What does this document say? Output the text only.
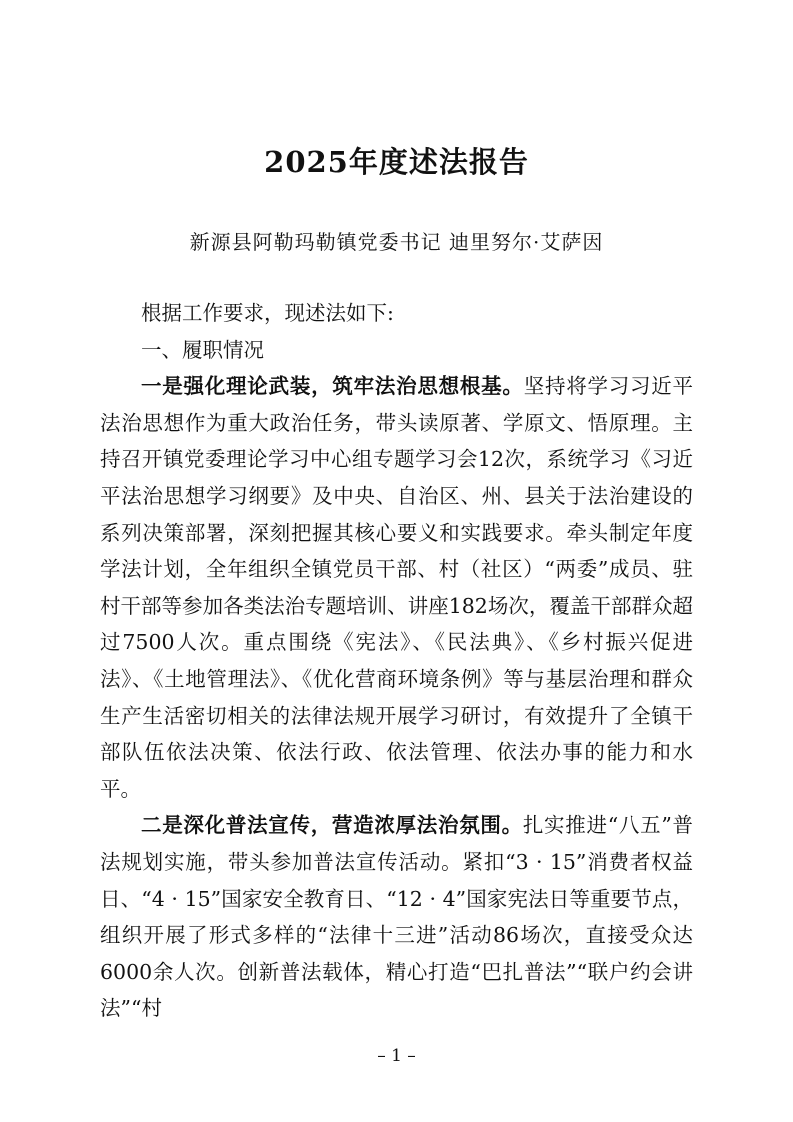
2025年度述法报告
新源县阿勒玛勒镇党委书记 迪里努尔·艾萨因

根据工作要求，现述法如下:

一、履职情况

一是强化理论武装，筑牢法治思想根基。坚持将学习习近平法治思想作为重大政治任务，带头读原著、学原文、悟原理。主持召开镇党委理论学习中心组专题学习会12次，系统学习《习近平法治思想学习纲要》及中央、自治区、州、县关于法治建设的系列决策部署，深刻把握其核心要义和实践要求。牵头制定年度学法计划，全年组织全镇党员干部、村（社区）“两委”成员、驻村干部等参加各类法治专题培训、讲座182场次，覆盖干部群众超过7500人次。重点围绕《宪法》、《民法典》、《乡村振兴促进法》、《土地管理法》、《优化营商环境条例》等与基层治理和群众生产生活密切相关的法律法规开展学习研讨，有效提升了全镇干部队伍依法决策、依法行政、依法管理、依法办事的能力和水平。

二是深化普法宣传，营造浓厚法治氛围。扎实推进“八五”普法规划实施，带头参加普法宣传活动。紧扣“3 · 15”消费者权益日、“4 · 15”国家安全教育日、“12 · 4”国家宪法日等重要节点，组织开展了形式多样的“法律十三进”活动86场次，直接受众达6000余人次。创新普法载体，精心打造“巴扎普法”“联户约会讲法”“村

– 1 –
